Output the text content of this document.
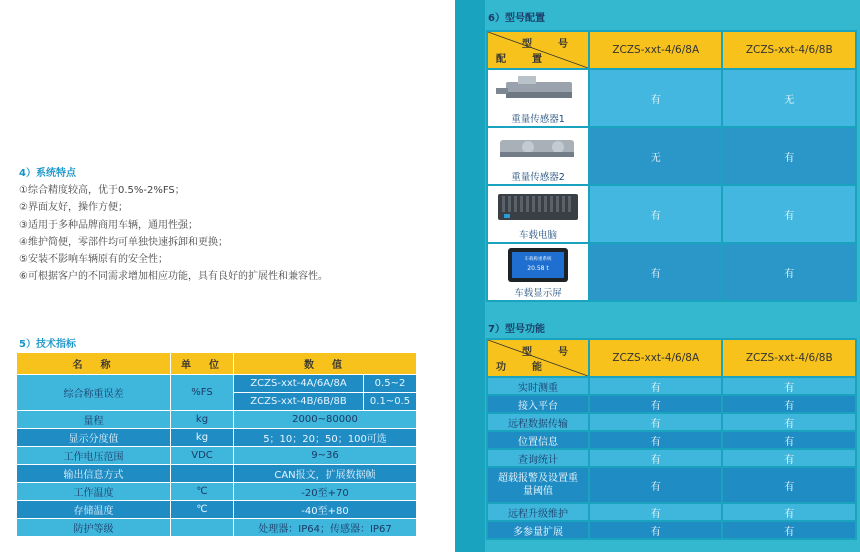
4）系统特点
①综合精度较高，优于0.5%-2%FS；
②界面友好，操作方便；
③适用于多种品牌商用车辆，通用性强；
④维护简便，零部件均可单独快速拆卸和更换；
⑤安装不影响车辆原有的安全性；
⑥可根据客户的不同需求增加相应功能，具有良好的扩展性和兼容性。
5）技术指标
名　称	单　位	数　值	
综合称重误差	%FS	ZCZS-xxt-4A/6A/8A	0.5~2
		ZCZS-xxt-4B/6B/8B	0.1~0.5
量程	kg	2000~80000	
显示分度值	kg	5；10；20；50；100可选	
工作电压范围	VDC	9~36	
输出信息方式		CAN报文，扩展数据帧	
工作温度	℃	-20至+70	
存储温度	℃	-40至+80	
防护等级		处理器：IP64；传感器：IP67	
6）型号配置
型　号
配　置	ZCZS-xxt-4/6/8A	ZCZS-xxt-4/6/8B

重量传感器1	有	无

重量传感器2	无	有

车载电脑	有	有

车载称重系统
20.58 t
车载显示屏	有	有
7）型号功能
型　号
功　能	ZCZS-xxt-4/6/8A	ZCZS-xxt-4/6/8B
实时测重	有	有
接入平台	有	有
远程数据传输	有	有
位置信息	有	有
查询统计	有	有
超载报警及设置重量阈值	有	有
远程升级维护	有	有
多参量扩展	有	有
